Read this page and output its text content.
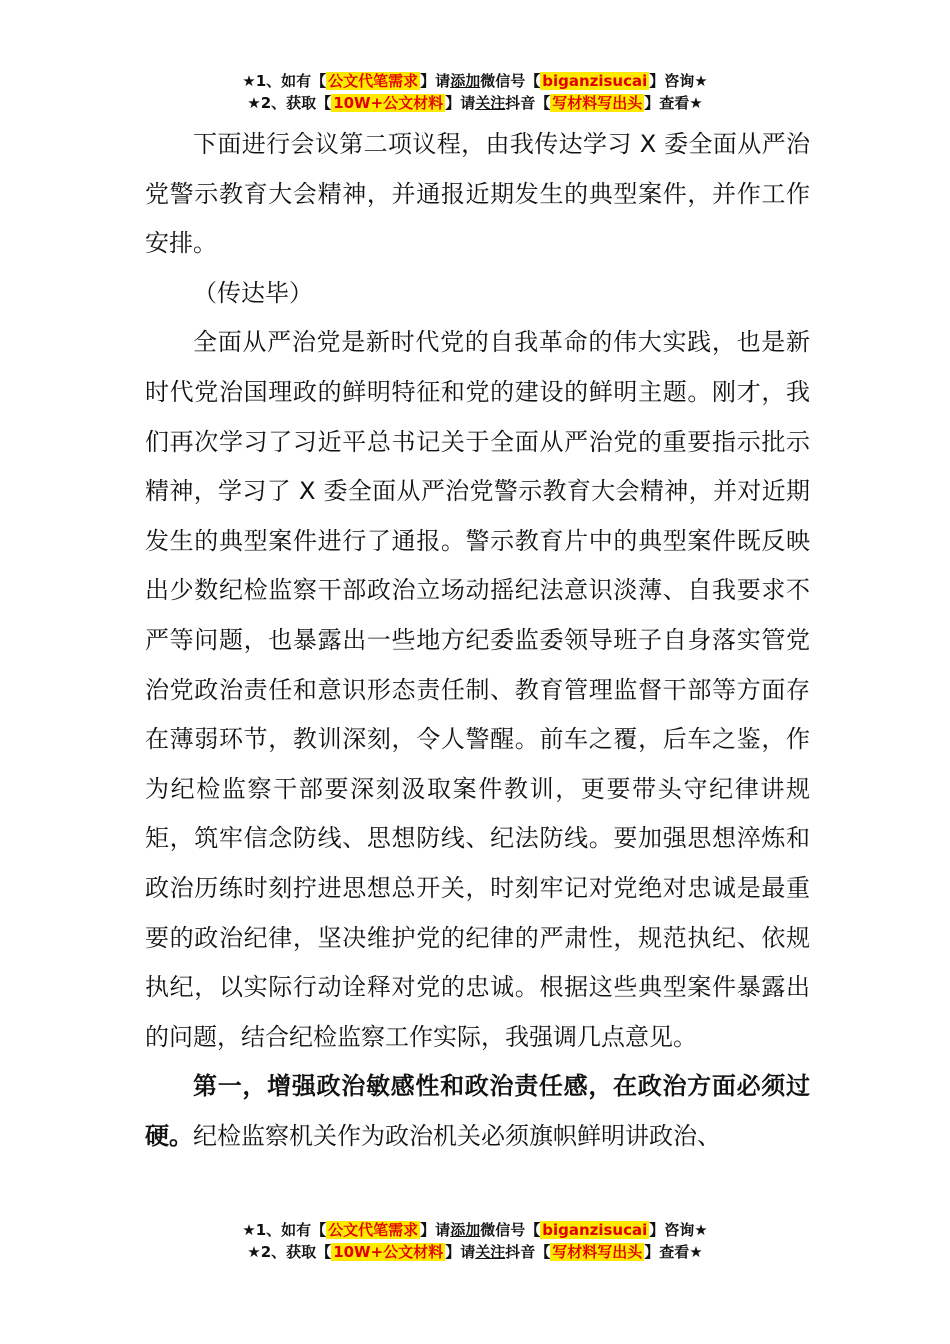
★1、如有【 公文代笔需求 】请添加微信号【 biganzisucai 】咨询★
★2、获取【 10W+公文材料 】请关注抖音【 写材料写出头 】查看★

下面进行会议第二项议程，由我传达学习 X 委全面从严治党警示教育大会精神，并通报近期发生的典型案件，并作工作安排。

（传达毕）

全面从严治党是新时代党的自我革命的伟大实践，也是新时代党治国理政的鲜明特征和党的建设的鲜明主题。刚才，我们再次学习了习近平总书记关于全面从严治党的重要指示批示精神，学习了 X 委全面从严治党警示教育大会精神，并对近期发生的典型案件进行了通报。警示教育片中的典型案件既反映出少数纪检监察干部政治立场动摇纪法意识淡薄、自我要求不严等问题，也暴露出一些地方纪委监委领导班子自身落实管党治党政治责任和意识形态责任制、教育管理监督干部等方面存在薄弱环节，教训深刻，令人警醒。前车之覆，后车之鉴，作为纪检监察干部要深刻汲取案件教训，更要带头守纪律讲规矩，筑牢信念防线、思想防线、纪法防线。要加强思想淬炼和政治历练时刻拧进思想总开关，时刻牢记对党绝对忠诚是最重要的政治纪律，坚决维护党的纪律的严肃性，规范执纪、依规执纪，以实际行动诠释对党的忠诚。根据这些典型案件暴露出的问题，结合纪检监察工作实际，我强调几点意见。

第一，增强政治敏感性和政治责任感，在政治方面必须过硬。纪检监察机关作为政治机关必须旗帜鲜明讲政治、

★1、如有【 公文代笔需求 】请添加微信号【 biganzisucai 】咨询★
★2、获取【 10W+公文材料 】请关注抖音【 写材料写出头 】查看★
